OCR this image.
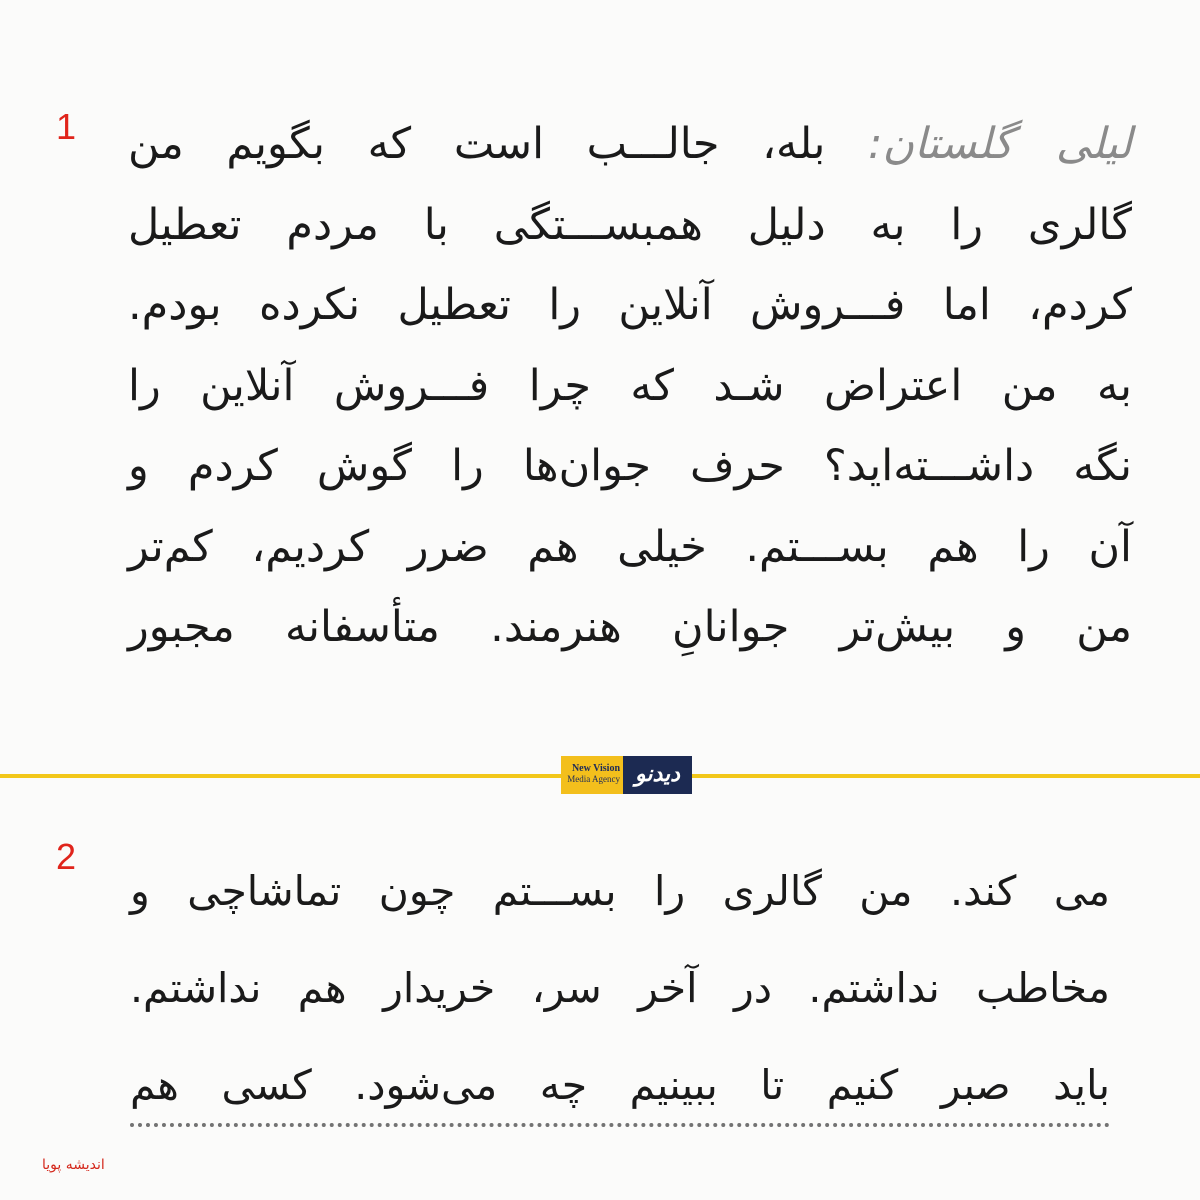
1	لیلی گلستان: بله، جالـــب است که بگویم من
گالری را به دلیل همبســـتگی با مردم تعطیل
کردم، اما فـــروش آنلاین را تعطیل نکرده بودم.
به من اعتراض شـد که چرا فـــروش آنلاین را
نگه داشـــته‌اید؟ حرف جوان‌ها را گوش کردم و
آن را هم بســـتم. خیلی هم ضرر کردیم، کم‌تر
من و بیش‌تر جوانانِ هنرمند. متأسفانه مجبور
2
می کند. من گالری را بســـتم چون تماشاچی و
مخاطب نداشتم. در آخر سر، خریدار هم نداشتم.
باید صبر کنیم تا ببینیم چه می‌شود. کسی هم
New Vision
Media Agency دیدنو
اندیشه پویا
